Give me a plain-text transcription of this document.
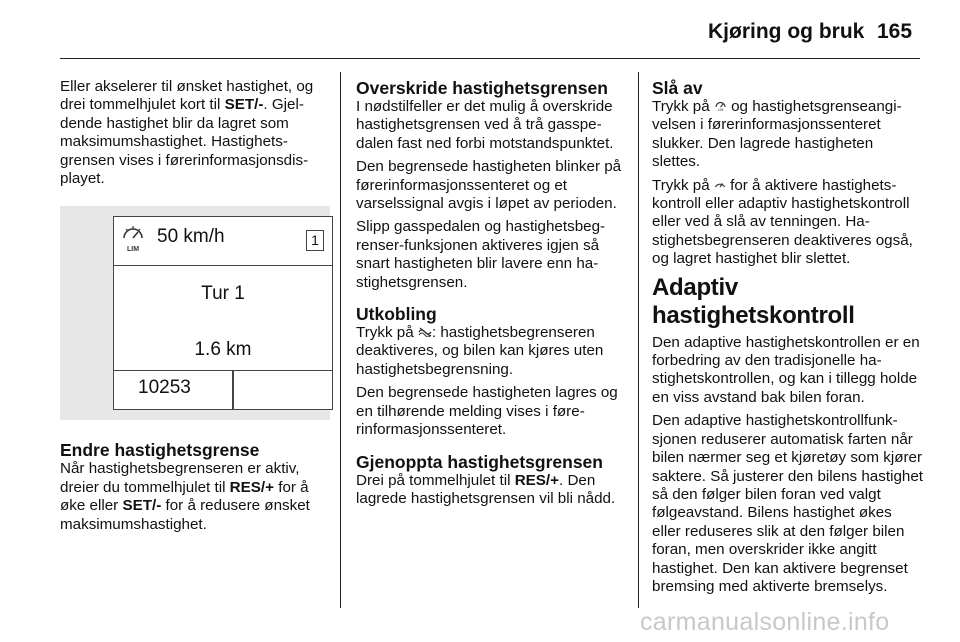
Kjøring og bruk 165

Eller akselerer til ønsket hastighet, og drei tommelhjulet kort til SET/-. Gjeldende hastighet blir da lagret som maksimumshastighet. Hastighetsgrensen vises i førerinformasjonsdisplayet.

LIM
50 km/h	1
Tur 1
1.6 km
10253
Endre hastighetsgrense

Når hastighetsbegrenseren er aktiv, dreier du tommelhjulet til RES/+ for å øke eller SET/- for å redusere ønsket maksimumshastighet.

Overskride hastighetsgrensen

I nødstilfeller er det mulig å overskride hastighetsgrensen ved å trå gasspedalen fast ned forbi motstandspunktet.

Den begrensede hastigheten blinker på førerinformasjonssenteret og et varselssignal avgis i løpet av perioden.

Slipp gasspedalen og hastighetsbegrenser-funksjonen aktiveres igjen så snart hastigheten blir lavere enn hastighetsgrensen.

Utkobling

Trykk på : hastighetsbegrenseren deaktiveres, og bilen kan kjøres uten hastighetsbegrensning.

Den begrensede hastigheten lagres og en tilhørende melding vises i førerinformasjonssenteret.

Gjenoppta hastighetsgrensen

Drei på tommelhjulet til RES/+. Den lagrede hastighetsgrensen vil bli nådd.

Slå av

Trykk på LIM og hastighetsgrenseangivelsen i førerinformasjonssenteret slukker. Den lagrede hastigheten slettes.

Trykk på  for å aktivere hastighetskontroll eller adaptiv hastighetskontroll eller ved å slå av tenningen. Hastighetsbegrenseren deaktiveres også, og lagret hastighet blir slettet.

Adaptiv hastighetskontroll

Den adaptive hastighetskontrollen er en forbedring av den tradisjonelle hastighetskontrollen, og kan i tillegg holde en viss avstand bak bilen foran.

Den adaptive hastighetskontrollfunksjonen reduserer automatisk farten når bilen nærmer seg et kjøretøy som kjører saktere. Så justerer den bilens hastighet så den følger bilen foran ved valgt følgeavstand. Bilens hastighet økes eller reduseres slik at den følger bilen foran, men overskrider ikke angitt hastighet. Den kan aktivere begrenset bremsing med aktiverte bremselys.

carmanualsonline.info
